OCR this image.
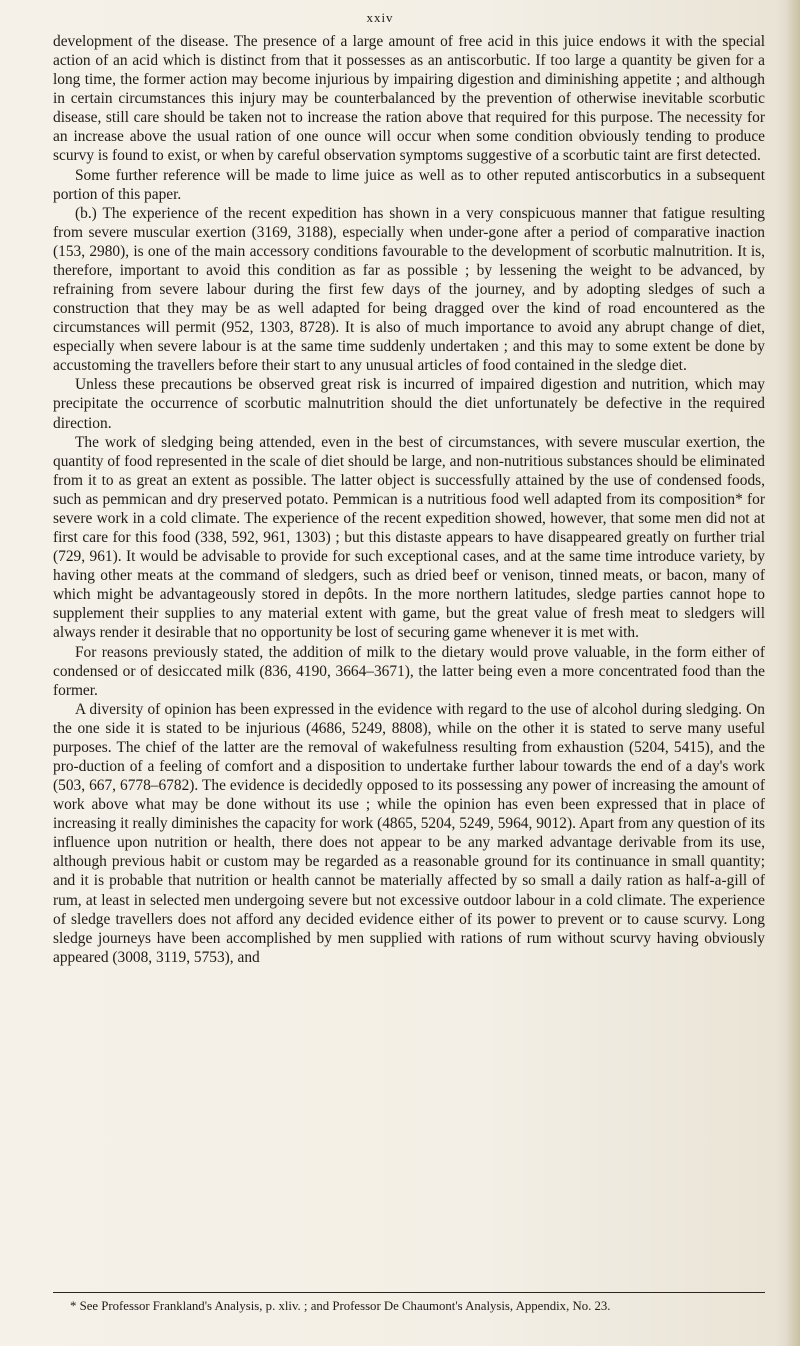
xxiv

development of the disease. The presence of a large amount of free acid in this juice endows it with the special action of an acid which is distinct from that it possesses as an antiscorbutic. If too large a quantity be given for a long time, the former action may become injurious by impairing digestion and diminishing appetite ; and although in certain circumstances this injury may be counterbalanced by the prevention of otherwise inevitable scorbutic disease, still care should be taken not to increase the ration above that required for this purpose. The necessity for an increase above the usual ration of one ounce will occur when some condition obviously tending to produce scurvy is found to exist, or when by careful observation symptoms suggestive of a scorbutic taint are first detected.

Some further reference will be made to lime juice as well as to other reputed antiscorbutics in a subsequent portion of this paper.

(b.) The experience of the recent expedition has shown in a very conspicuous manner that fatigue resulting from severe muscular exertion (3169, 3188), especially when under-gone after a period of comparative inaction (153, 2980), is one of the main accessory conditions favourable to the development of scorbutic malnutrition. It is, therefore, important to avoid this condition as far as possible ; by lessening the weight to be advanced, by refraining from severe labour during the first few days of the journey, and by adopting sledges of such a construction that they may be as well adapted for being dragged over the kind of road encountered as the circumstances will permit (952, 1303, 8728). It is also of much importance to avoid any abrupt change of diet, especially when severe labour is at the same time suddenly undertaken ; and this may to some extent be done by accustoming the travellers before their start to any unusual articles of food contained in the sledge diet.

Unless these precautions be observed great risk is incurred of impaired digestion and nutrition, which may precipitate the occurrence of scorbutic malnutrition should the diet unfortunately be defective in the required direction.

The work of sledging being attended, even in the best of circumstances, with severe muscular exertion, the quantity of food represented in the scale of diet should be large, and non-nutritious substances should be eliminated from it to as great an extent as possible. The latter object is successfully attained by the use of condensed foods, such as pemmican and dry preserved potato. Pemmican is a nutritious food well adapted from its composition* for severe work in a cold climate. The experience of the recent expedition showed, however, that some men did not at first care for this food (338, 592, 961, 1303) ; but this distaste appears to have disappeared greatly on further trial (729, 961). It would be advisable to provide for such exceptional cases, and at the same time introduce variety, by having other meats at the command of sledgers, such as dried beef or venison, tinned meats, or bacon, many of which might be advantageously stored in depôts. In the more northern latitudes, sledge parties cannot hope to supplement their supplies to any material extent with game, but the great value of fresh meat to sledgers will always render it desirable that no opportunity be lost of securing game whenever it is met with.

For reasons previously stated, the addition of milk to the dietary would prove valuable, in the form either of condensed or of desiccated milk (836, 4190, 3664–3671), the latter being even a more concentrated food than the former.

A diversity of opinion has been expressed in the evidence with regard to the use of alcohol during sledging. On the one side it is stated to be injurious (4686, 5249, 8808), while on the other it is stated to serve many useful purposes. The chief of the latter are the removal of wakefulness resulting from exhaustion (5204, 5415), and the pro-duction of a feeling of comfort and a disposition to undertake further labour towards the end of a day's work (503, 667, 6778–6782). The evidence is decidedly opposed to its possessing any power of increasing the amount of work above what may be done without its use ; while the opinion has even been expressed that in place of increasing it really diminishes the capacity for work (4865, 5204, 5249, 5964, 9012). Apart from any question of its influence upon nutrition or health, there does not appear to be any marked advantage derivable from its use, although previous habit or custom may be regarded as a reasonable ground for its continuance in small quantity; and it is probable that nutrition or health cannot be materially affected by so small a daily ration as half-a-gill of rum, at least in selected men undergoing severe but not excessive outdoor labour in a cold climate. The experience of sledge travellers does not afford any decided evidence either of its power to prevent or to cause scurvy. Long sledge journeys have been accomplished by men supplied with rations of rum without scurvy having obviously appeared (3008, 3119, 5753), and

* See Professor Frankland's Analysis, p. xliv. ; and Professor De Chaumont's Analysis, Appendix, No. 23.
